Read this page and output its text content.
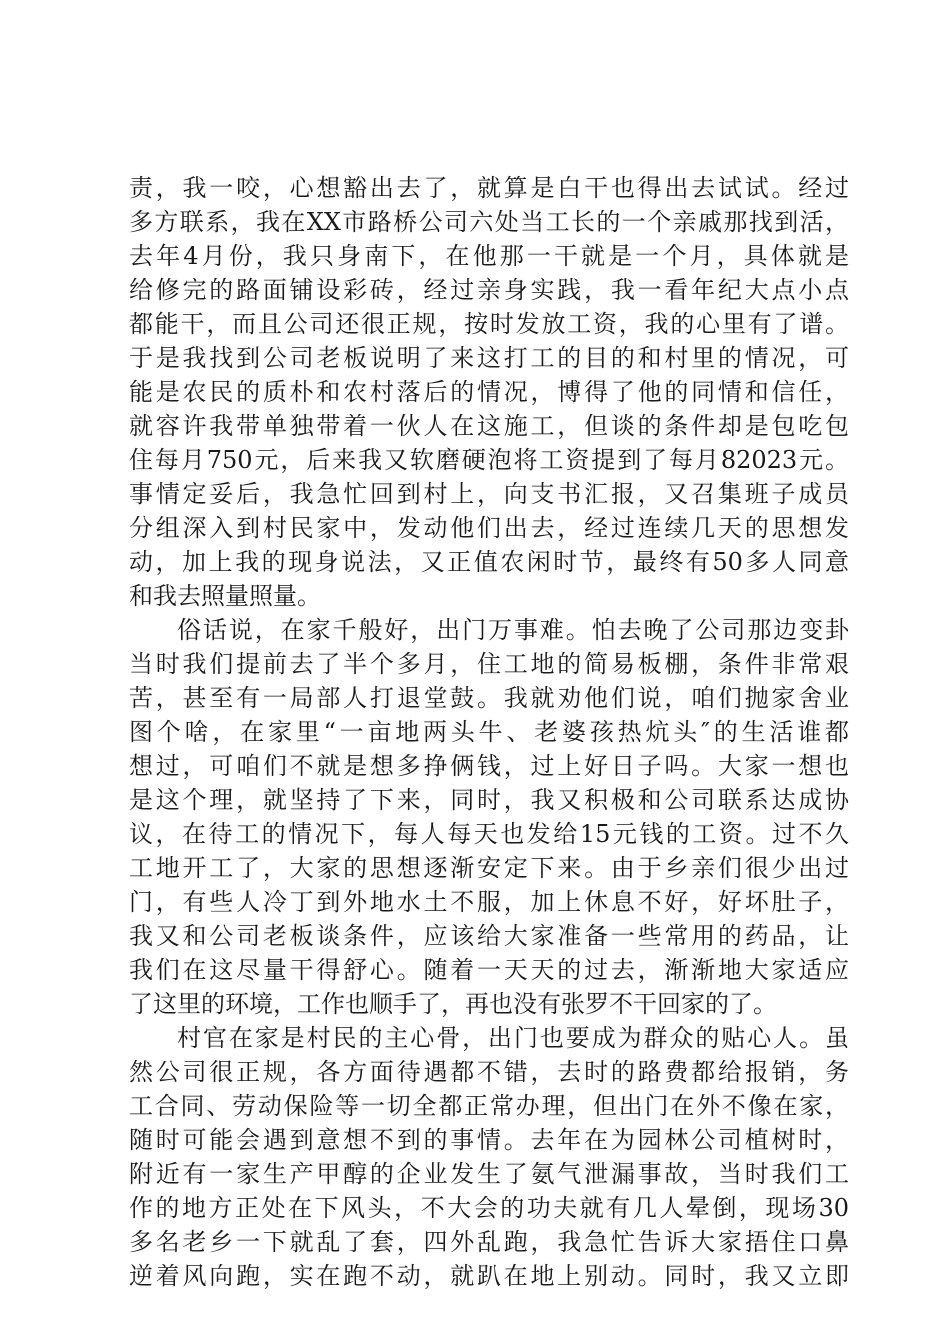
责，我一咬，心想豁出去了，就算是白干也得出去试试。经过
多方联系，我在XX市路桥公司六处当工长的一个亲戚那找到活，
去年4月份，我只身南下，在他那一干就是一个月，具体就是
给修完的路面铺设彩砖，经过亲身实践，我一看年纪大点小点
都能干，而且公司还很正规，按时发放工资，我的心里有了谱。
于是我找到公司老板说明了来这打工的目的和村里的情况，可
能是农民的质朴和农村落后的情况，博得了他的同情和信任，
就容许我带单独带着一伙人在这施工，但谈的条件却是包吃包
住每月750元，后来我又软磨硬泡将工资提到了每月82023元。
事情定妥后，我急忙回到村上，向支书汇报，又召集班子成员
分组深入到村民家中，发动他们出去，经过连续几天的思想发
动，加上我的现身说法，又正值农闲时节，最终有50多人同意
和我去照量照量。
俗话说，在家千般好，出门万事难。怕去晚了公司那边变卦
当时我们提前去了半个多月，住工地的简易板棚，条件非常艰
苦，甚至有一局部人打退堂鼓。我就劝他们说，咱们抛家舍业
图个啥，在家里“一亩地两头牛、老婆孩热炕头″的生活谁都
想过，可咱们不就是想多挣俩钱，过上好日子吗。大家一想也
是这个理，就坚持了下来，同时，我又积极和公司联系达成协
议，在待工的情况下，每人每天也发给15元钱的工资。过不久
工地开工了，大家的思想逐渐安定下来。由于乡亲们很少出过
门，有些人冷丁到外地水土不服，加上休息不好，好坏肚子，
我又和公司老板谈条件，应该给大家准备一些常用的药品，让
我们在这尽量干得舒心。随着一天天的过去，渐渐地大家适应
了这里的环境，工作也顺手了，再也没有张罗不干回家的了。
村官在家是村民的主心骨，出门也要成为群众的贴心人。虽
然公司很正规，各方面待遇都不错，去时的路费都给报销，务
工合同、劳动保险等一切全都正常办理，但出门在外不像在家，
随时可能会遇到意想不到的事情。去年在为园林公司植树时，
附近有一家生产甲醇的企业发生了氨气泄漏事故，当时我们工
作的地方正处在下风头，不大会的功夫就有几人晕倒，现场30
多名老乡一下就乱了套，四外乱跑，我急忙告诉大家捂住口鼻
逆着风向跑，实在跑不动，就趴在地上别动。同时，我又立即
